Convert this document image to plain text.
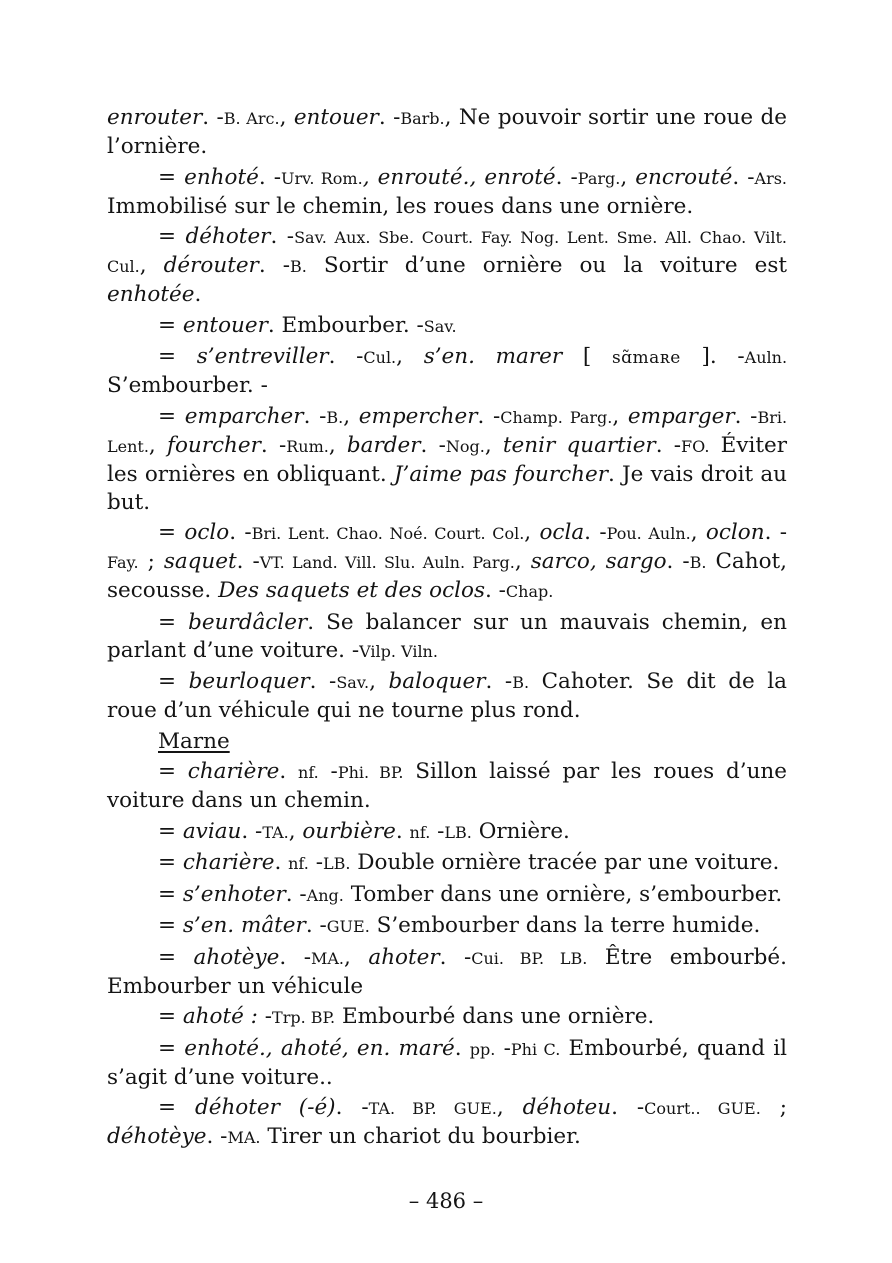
enrouter. -B. Arc., entouer. -Barb., Ne pouvoir sortir une roue de l’ornière.

= enhoté. -Urv. Rom., enrouté., enroté. -Parg., encrouté. -Ars. Immobilisé sur le chemin, les roues dans une ornière.

= déhoter. -Sav. Aux. Sbe. Court. Fay. Nog. Lent. Sme. All. Chao. Vilt. Cul., dérouter. -B. Sortir d’une ornière ou la voiture est enhotée.

= entouer. Embourber. -Sav.

= s’entreviller. -Cul., s’en. marer [ sɑ̃maʀe ]. -Auln. S’embourber. -

= emparcher. -B., empercher. -Champ. Parg., emparger. -Bri. Lent., fourcher. -Rum., barder. -Nog., tenir quartier. -FO. Éviter les ornières en obliquant. J’aime pas fourcher. Je vais droit au but.

= oclo. -Bri. Lent. Chao. Noé. Court. Col., ocla. -Pou. Auln., oclon. -Fay. ; saquet. -VT. Land. Vill. Slu. Auln. Parg., sarco, sargo. -B. Cahot, secousse. Des saquets et des oclos. -Chap.

= beurdâcler. Se balancer sur un mauvais chemin, en parlant d’une voiture. -Vilp. Viln.

= beurloquer. -Sav., baloquer. -B. Cahoter. Se dit de la roue d’un véhicule qui ne tourne plus rond.

Marne

= charière. nf. -Phi. BP. Sillon laissé par les roues d’une voiture dans un chemin.

= aviau. -TA., ourbière. nf. -LB. Ornière.

= charière. nf. -LB. Double ornière tracée par une voiture.

= s’enhoter. -Ang. Tomber dans une ornière, s’embourber.

= s’en. mâter. -GUE. S’embourber dans la terre humide.

= ahotèye. -MA., ahoter. -Cui. BP. LB. Être embourbé. Embourber un véhicule

= ahoté : -Trp. BP. Embourbé dans une ornière.

= enhoté., ahoté, en. maré. pp. -Phi C. Embourbé, quand il s’agit d’une voiture..

= déhoter (-é). -TA. BP. GUE., déhoteu. -Court.. GUE. ; déhotèye. -MA. Tirer un chariot du bourbier.

– 486 –
